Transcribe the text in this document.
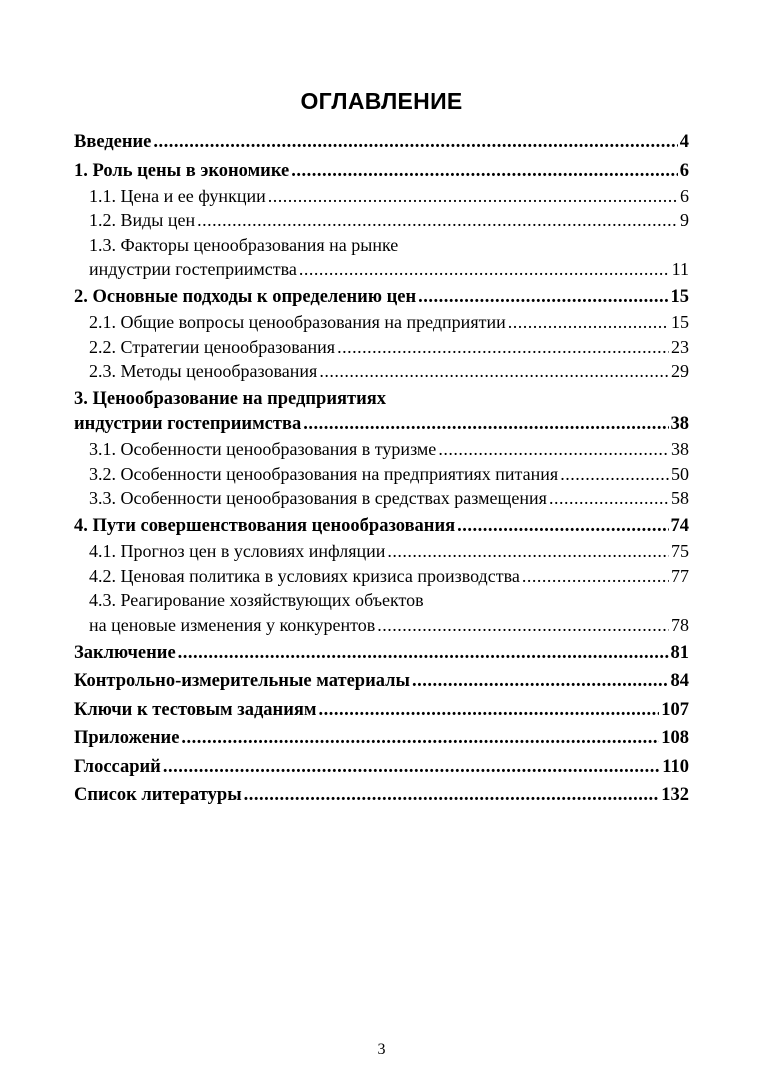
ОГЛАВЛЕНИЕ
Введение .....	4
1. Роль цены в экономике .....	6
1.1. Цена и ее функции .....	6
1.2. Виды цен .....	9
1.3. Факторы ценообразования на рынке
индустрии гостеприимства .....	11
2. Основные подходы к определению цен .....	15
2.1. Общие вопросы ценообразования на предприятии .....	15
2.2. Стратегии ценообразования .....	23
2.3. Методы ценообразования .....	29
3. Ценообразование на предприятиях
индустрии гостеприимства .....	38
3.1. Особенности ценообразования в туризме .....	38
3.2. Особенности ценообразования на предприятиях питания .....	50
3.3. Особенности ценообразования в средствах размещения .....	58
4. Пути совершенствования ценообразования .....	74
4.1. Прогноз цен в условиях инфляции .....	75
4.2. Ценовая политика в условиях кризиса производства .....	77
4.3. Реагирование хозяйствующих объектов
на ценовые изменения у конкурентов .....	78
Заключение .....	81
Контрольно-измерительные материалы .....	84
Ключи к тестовым заданиям .....	107
Приложение .....	108
Глоссарий .....	110
Список литературы .....	132
3
